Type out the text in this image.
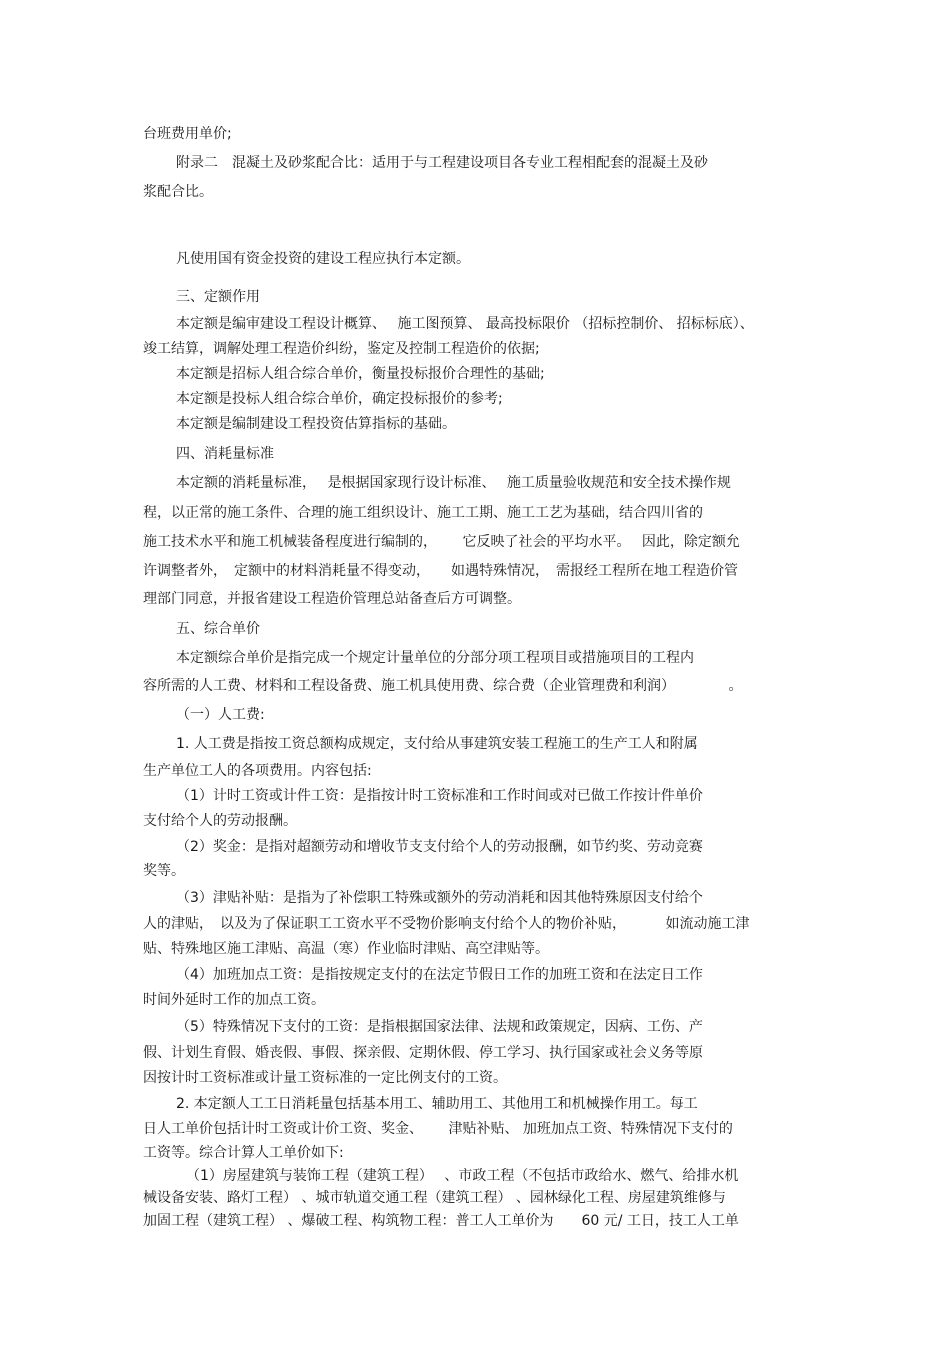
台班费用单价;
附录二　混凝土及砂浆配合比：适用于与工程建设项目各专业工程相配套的混凝土及砂
浆配合比。
凡使用国有资金投资的建设工程应执行本定额。
三、定额作用
本定额是编审建设工程设计概算、　 施工图预算、 最高投标限价 （招标控制价、 招标标底）、
竣工结算，调解处理工程造价纠纷，鉴定及控制工程造价的依据;
本定额是招标人组合综合单价，衡量投标报价合理性的基础;
本定额是投标人组合综合单价，确定投标报价的参考;
本定额是编制建设工程投资估算指标的基础。
四、消耗量标准
本定额的消耗量标准，　 是根据国家现行设计标准、　 施工质量验收规范和安全技术操作规
程，以正常的施工条件、合理的施工组织设计、施工工期、施工工艺为基础，结合四川省的
施工技术水平和施工机械装备程度进行编制的，　　 它反映了社会的平均水平。　 因此，除定额允
许调整者外，　定额中的材料消耗量不得变动，　　如遇特殊情况，　需报经工程所在地工程造价管
理部门同意，并报省建设工程造价管理总站备查后方可调整。
五、综合单价
本定额综合单价是指完成一个规定计量单位的分部分项工程项目或措施项目的工程内
容所需的人工费、材料和工程设备费、施工机具使用费、综合费（企业管理费和利润）　　　　 。
（一）人工费:
1. 人工费是指按工资总额构成规定，支付给从事建筑安装工程施工的生产工人和附属
生产单位工人的各项费用。内容包括:
（1）计时工资或计件工资：是指按计时工资标准和工作时间或对已做工作按计件单价
支付给个人的劳动报酬。
（2）奖金：是指对超额劳动和增收节支支付给个人的劳动报酬，如节约奖、劳动竞赛
奖等。
（3）津贴补贴：是指为了补偿职工特殊或额外的劳动消耗和因其他特殊原因支付给个
人的津贴，　以及为了保证职工工资水平不受物价影响支付给个人的物价补贴，　　　 如流动施工津
贴、特殊地区施工津贴、高温（寒）作业临时津贴、高空津贴等。
（4）加班加点工资：是指按规定支付的在法定节假日工作的加班工资和在法定日工作
时间外延时工作的加点工资。
（5）特殊情况下支付的工资：是指根据国家法律、法规和政策规定，因病、工伤、产
假、计划生育假、婚丧假、事假、探亲假、定期休假、停工学习、执行国家或社会义务等原
因按计时工资标准或计量工资标准的一定比例支付的工资。
2. 本定额人工工日消耗量包括基本用工、辅助用工、其他用工和机械操作用工。每工
日人工单价包括计时工资或计价工资、奖金、　　 津贴补贴、 加班加点工资、特殊情况下支付的
工资等。综合计算人工单价如下:
（1）房屋建筑与装饰工程（建筑工程）　 、市政工程（不包括市政给水、燃气、给排水机
械设备安装、路灯工程） 、城市轨道交通工程（建筑工程） 、园林绿化工程、房屋建筑维修与
加固工程（建筑工程） 、爆破工程、构筑物工程：普工人工单价为　　60 元/ 工日，技工人工单
